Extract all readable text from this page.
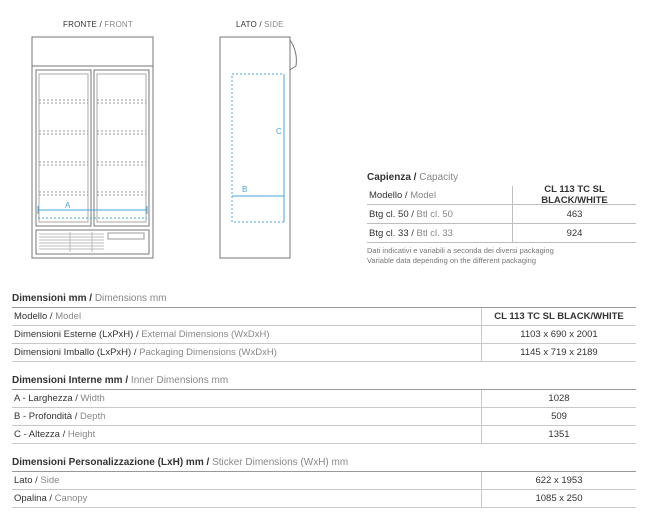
FRONTE / FRONT	LATO / SIDE
A
B
C
Capienza / Capacity
Modello / Model	CL 113 TC SL BLACK/WHITE
Btg cl. 50 / Btl cl. 50	463
Btg cl. 33 / Btl cl. 33	924
Dati indicativi e variabili a seconda dei diversi packaging
Variable data depending on the different packaging
Dimensioni mm / Dimensions mm
Modello / Model	CL 113 TC SL BLACK/WHITE
Dimensioni Esterne (LxPxH) / External Dimensions (WxDxH)	1103 x 690 x 2001
Dimensioni Imballo (LxPxH) / Packaging Dimensions (WxDxH)	1145 x 719 x 2189
Dimensioni Interne mm / Inner Dimensions mm
A - Larghezza / Width	1028
B - Profondità / Depth	509
C - Altezza / Height	1351
Dimensioni Personalizzazione (LxH) mm / Sticker Dimensions (WxH) mm
Lato / Side	622 x 1953
Opalina / Canopy	1085 x 250
